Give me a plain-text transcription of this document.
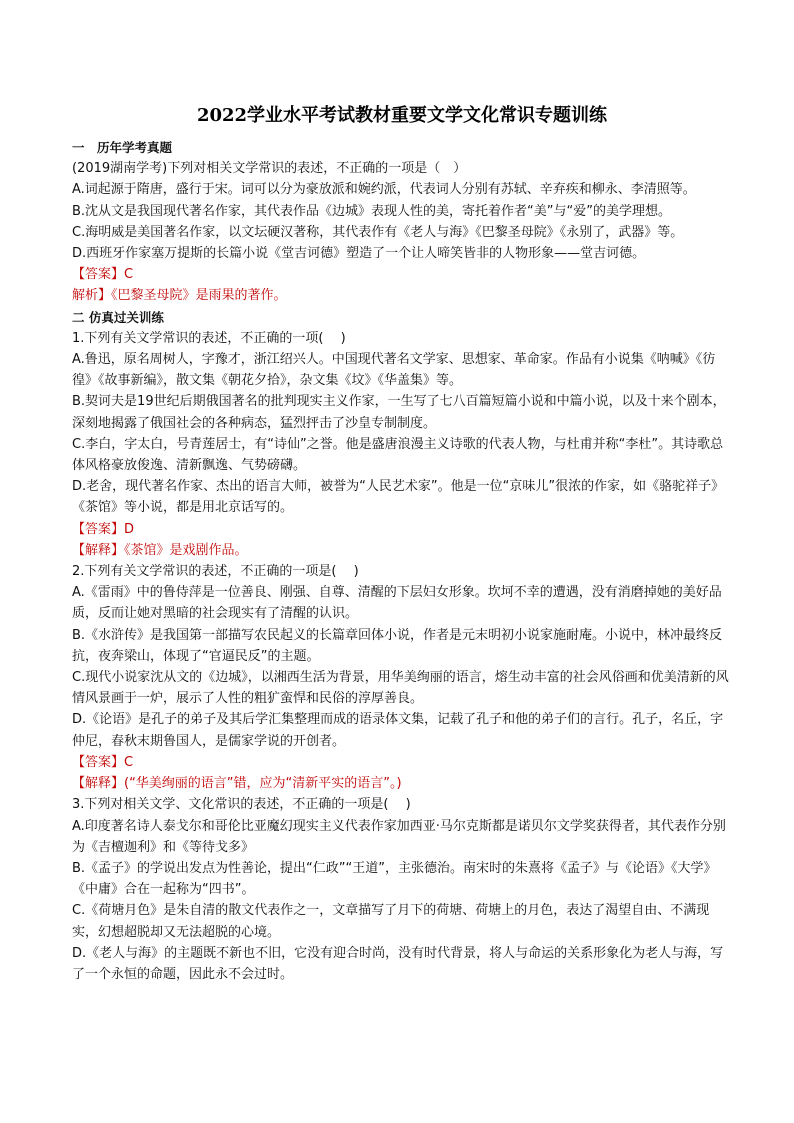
2022学业水平考试教材重要文学文化常识专题训练

一　历年学考真题

(2019湖南学考)下列对相关文学常识的表述，不正确的一项是（　）

A.词起源于隋唐，盛行于宋。词可以分为豪放派和婉约派，代表词人分别有苏轼、辛弃疾和柳永、李清照等。

B.沈从文是我国现代著名作家，其代表作品《边城》表现人性的美，寄托着作者“美”与“爱”的美学理想。

C.海明威是美国著名作家，以文坛硬汉著称，其代表作有《老人与海》《巴黎圣母院》《永别了，武器》等。

D.西班牙作家塞万提斯的长篇小说《堂吉诃德》塑造了一个让人啼笑皆非的人物形象——堂吉诃德。

【答案】C

解析】《巴黎圣母院》是雨果的著作。

二 仿真过关训练

1.下列有关文学常识的表述，不正确的一项(　 )

A.鲁迅，原名周树人，字豫才，浙江绍兴人。中国现代著名文学家、思想家、革命家。作品有小说集《呐喊》《彷徨》《故事新编》，散文集《朝花夕拾》，杂文集《坟》《华盖集》等。

B.契诃夫是19世纪后期俄国著名的批判现实主义作家，一生写了七八百篇短篇小说和中篇小说，以及十来个剧本，深刻地揭露了俄国社会的各种病态，猛烈抨击了沙皇专制制度。

C.李白，字太白，号青莲居士，有“诗仙”之誉。他是盛唐浪漫主义诗歌的代表人物，与杜甫并称“李杜”。其诗歌总体风格豪放俊逸、清新飘逸、气势磅礴。

D.老舍，现代著名作家、杰出的语言大师，被誉为“人民艺术家”。他是一位“京味儿”很浓的作家，如《骆驼祥子》《茶馆》等小说，都是用北京话写的。

【答案】D

【解释】《茶馆》是戏剧作品。

2.下列有关文学常识的表述，不正确的一项是(　 )

A.《雷雨》中的鲁侍萍是一位善良、刚强、自尊、清醒的下层妇女形象。坎坷不幸的遭遇，没有消磨掉她的美好品质，反而让她对黑暗的社会现实有了清醒的认识。

B.《水浒传》是我国第一部描写农民起义的长篇章回体小说，作者是元末明初小说家施耐庵。小说中，林冲最终反抗，夜奔梁山，体现了“官逼民反”的主题。

C.现代小说家沈从文的《边城》，以湘西生活为背景，用华美绚丽的语言，熔生动丰富的社会风俗画和优美清新的风情风景画于一炉，展示了人性的粗犷蛮悍和民俗的淳厚善良。

D.《论语》是孔子的弟子及其后学汇集整理而成的语录体文集，记载了孔子和他的弟子们的言行。孔子，名丘，字仲尼，春秋末期鲁国人，是儒家学说的开创者。

【答案】C

【解释】(“华美绚丽的语言”错，应为“清新平实的语言”。)

3.下列对相关文学、文化常识的表述，不正确的一项是(　 )

A.印度著名诗人泰戈尔和哥伦比亚魔幻现实主义代表作家加西亚·马尔克斯都是诺贝尔文学奖获得者，其代表作分别为《吉檀迦利》和《等待戈多》

B.《孟子》的学说出发点为性善论，提出“仁政”“王道”，主张德治。南宋时的朱熹将《孟子》与《论语》《大学》《中庸》合在一起称为“四书”。

C.《荷塘月色》是朱自清的散文代表作之一，文章描写了月下的荷塘、荷塘上的月色，表达了渴望自由、不满现实，幻想超脱却又无法超脱的心境。

D.《老人与海》的主题既不新也不旧，它没有迎合时尚，没有时代背景，将人与命运的关系形象化为老人与海，写了一个永恒的命题，因此永不会过时。
